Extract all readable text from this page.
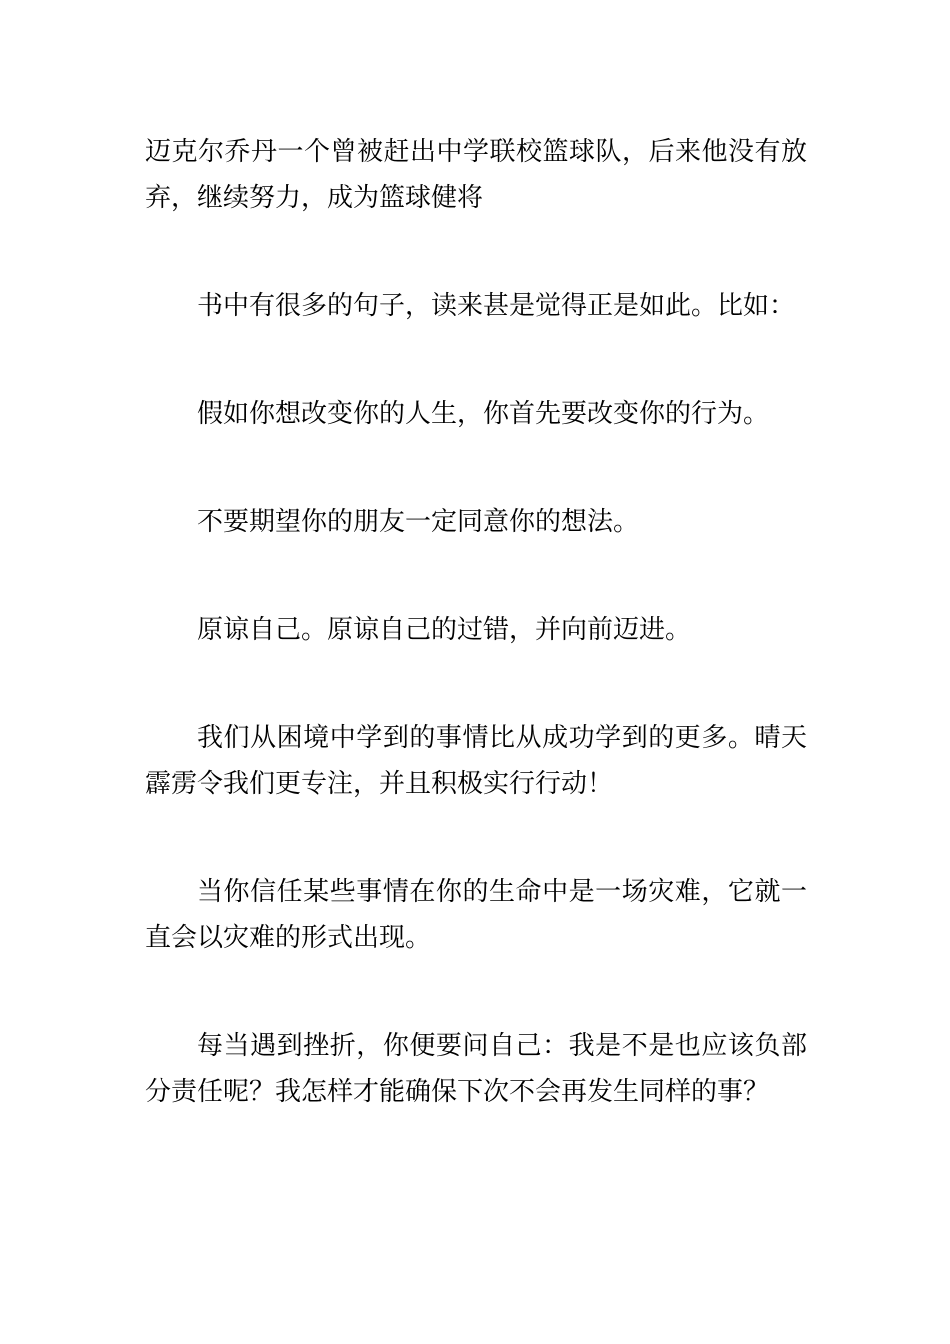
迈克尔乔丹一个曾被赶出中学联校篮球队，后来他没有放弃，继续努力，成为篮球健将

书中有很多的句子，读来甚是觉得正是如此。比如：

假如你想改变你的人生，你首先要改变你的行为。

不要期望你的朋友一定同意你的想法。

原谅自己。原谅自己的过错，并向前迈进。

我们从困境中学到的事情比从成功学到的更多。晴天霹雳令我们更专注，并且积极实行行动！

当你信任某些事情在你的生命中是一场灾难，它就一直会以灾难的形式出现。

每当遇到挫折，你便要问自己：我是不是也应该负部分责任呢？我怎样才能确保下次不会再发生同样的事？
